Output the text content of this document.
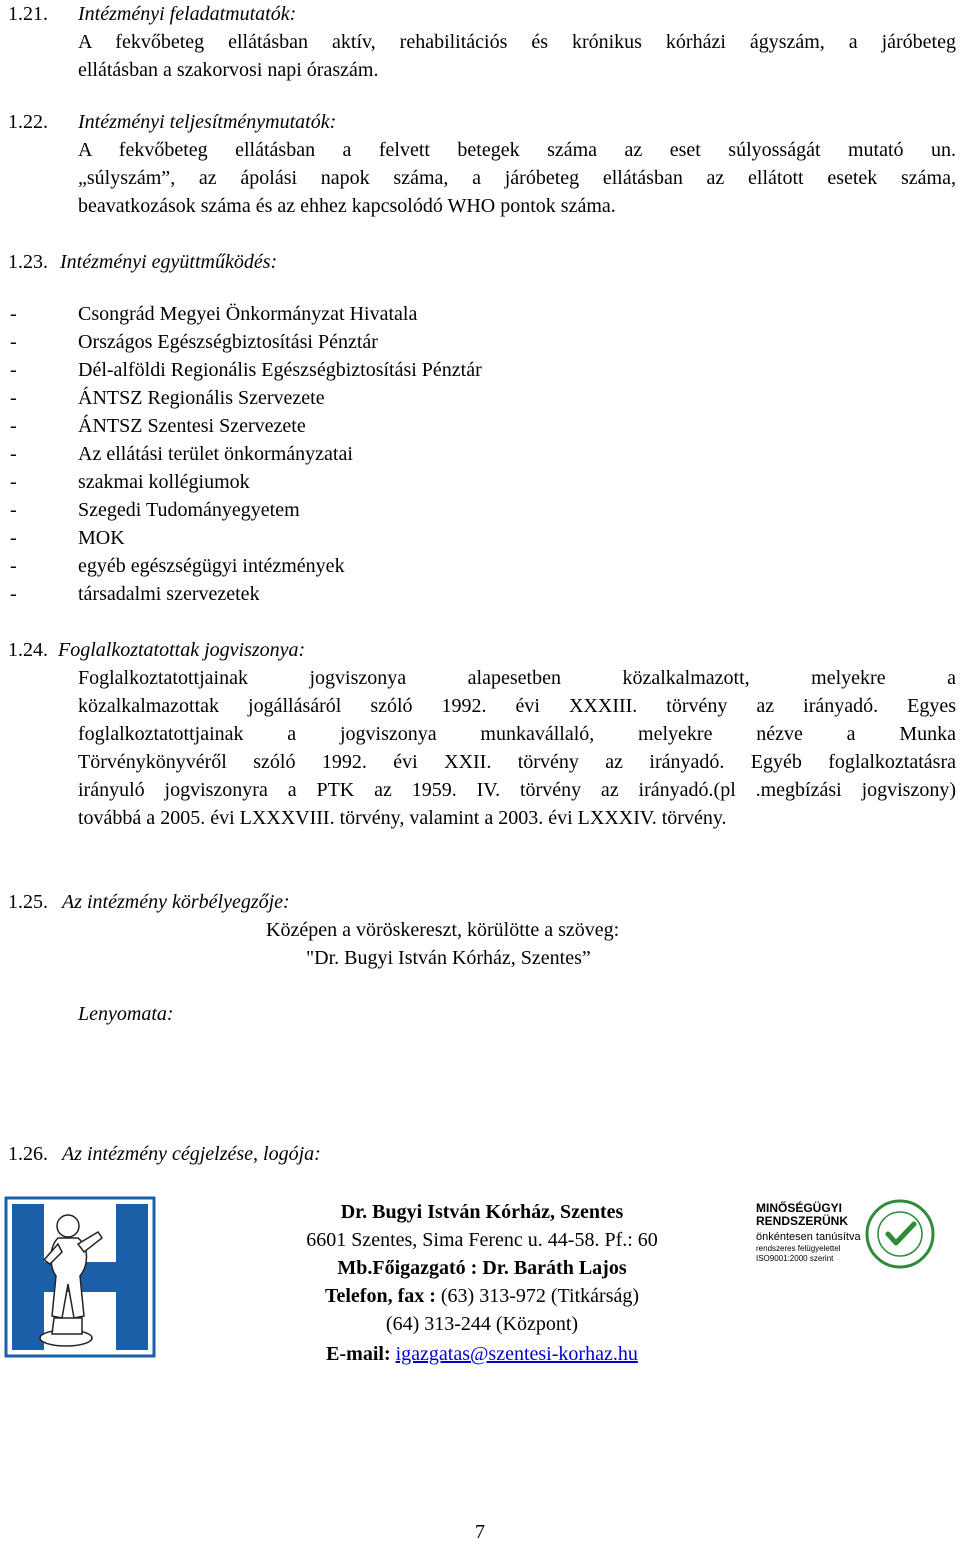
1.21. Intézményi feladatmutatók:
A fekvőbeteg ellátásban aktív, rehabilitációs és krónikus kórházi ágyszám, a járóbeteg
ellátásban a szakorvosi napi óraszám.
1.22. Intézményi teljesítménymutatók:
A fekvőbeteg ellátásban a felvett betegek száma az eset súlyosságát mutató un.
„súlyszám”, az ápolási napok száma, a járóbeteg ellátásban az ellátott esetek száma,
beavatkozások száma és az ehhez kapcsolódó WHO pontok száma.
1.23. Intézményi együttműködés:
-	Csongrád Megyei Önkormányzat Hivatala
-	Országos Egészségbiztosítási Pénztár
-	Dél-alföldi Regionális Egészségbiztosítási Pénztár
-	ÁNTSZ Regionális Szervezete
-	ÁNTSZ Szentesi Szervezete
-	Az ellátási terület önkormányzatai
-	szakmai kollégiumok
-	Szegedi Tudományegyetem
-	MOK
-	egyéb egészségügyi intézmények
-	társadalmi szervezetek
1.24. Foglalkoztatottak jogviszonya:
Foglalkoztatottjainak jogviszonya alapesetben közalkalmazott, melyekre a
közalkalmazottak jogállásáról szóló 1992. évi XXXIII. törvény az irányadó. Egyes
foglalkoztatottjainak a jogviszonya munkavállaló, melyekre nézve a Munka
Törvénykönyvéről szóló 1992. évi XXII. törvény az irányadó. Egyéb foglalkoztatásra
irányuló jogviszonyra a PTK az 1959. IV. törvény az irányadó.(pl .megbízási jogviszony)
továbbá a 2005. évi LXXXVIII. törvény, valamint a 2003. évi LXXXIV. törvény.
1.25. Az intézmény körbélyegzője:
Középen a vöröskereszt, körülötte a szöveg:
"Dr. Bugyi István Kórház, Szentes”
Lenyomata:
1.26. Az intézmény cégjelzése, logója:
Dr. Bugyi István Kórház, Szentes
6601 Szentes, Sima Ferenc u. 44-58. Pf.: 60
Mb.Főigazgató : Dr. Baráth Lajos
Telefon, fax : (63) 313-972 (Titkárság)
(64) 313-244 (Központ)
E-mail: igazgatas@szentesi-korhaz.hu
MINŐSÉGÜGYI
RENDSZERÜNK
önkéntesen tanúsítva
rendszeres felügyelettel
ISO9001:2000 szerint
7
